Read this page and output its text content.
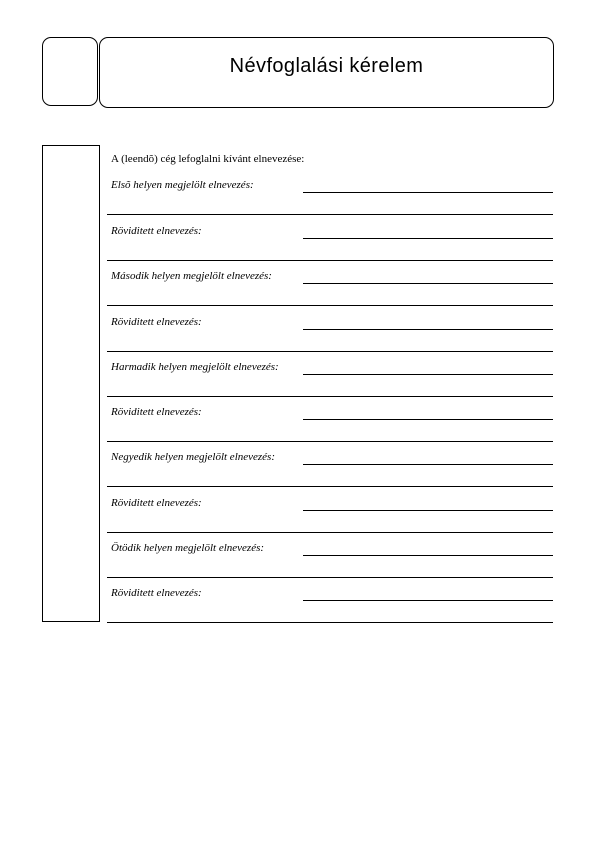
Névfoglalási kérelem
A (leendõ) cég lefoglalni kívánt elnevezése:
Elsõ helyen megjelölt elnevezés:
Röviditett elnevezés:
Második helyen megjelölt elnevezés:
Röviditett elnevezés:
Harmadik helyen megjelölt elnevezés:
Röviditett elnevezés:
Negyedik helyen megjelölt elnevezés:
Röviditett elnevezés:
Ötödik helyen megjelölt elnevezés:
Röviditett elnevezés:
